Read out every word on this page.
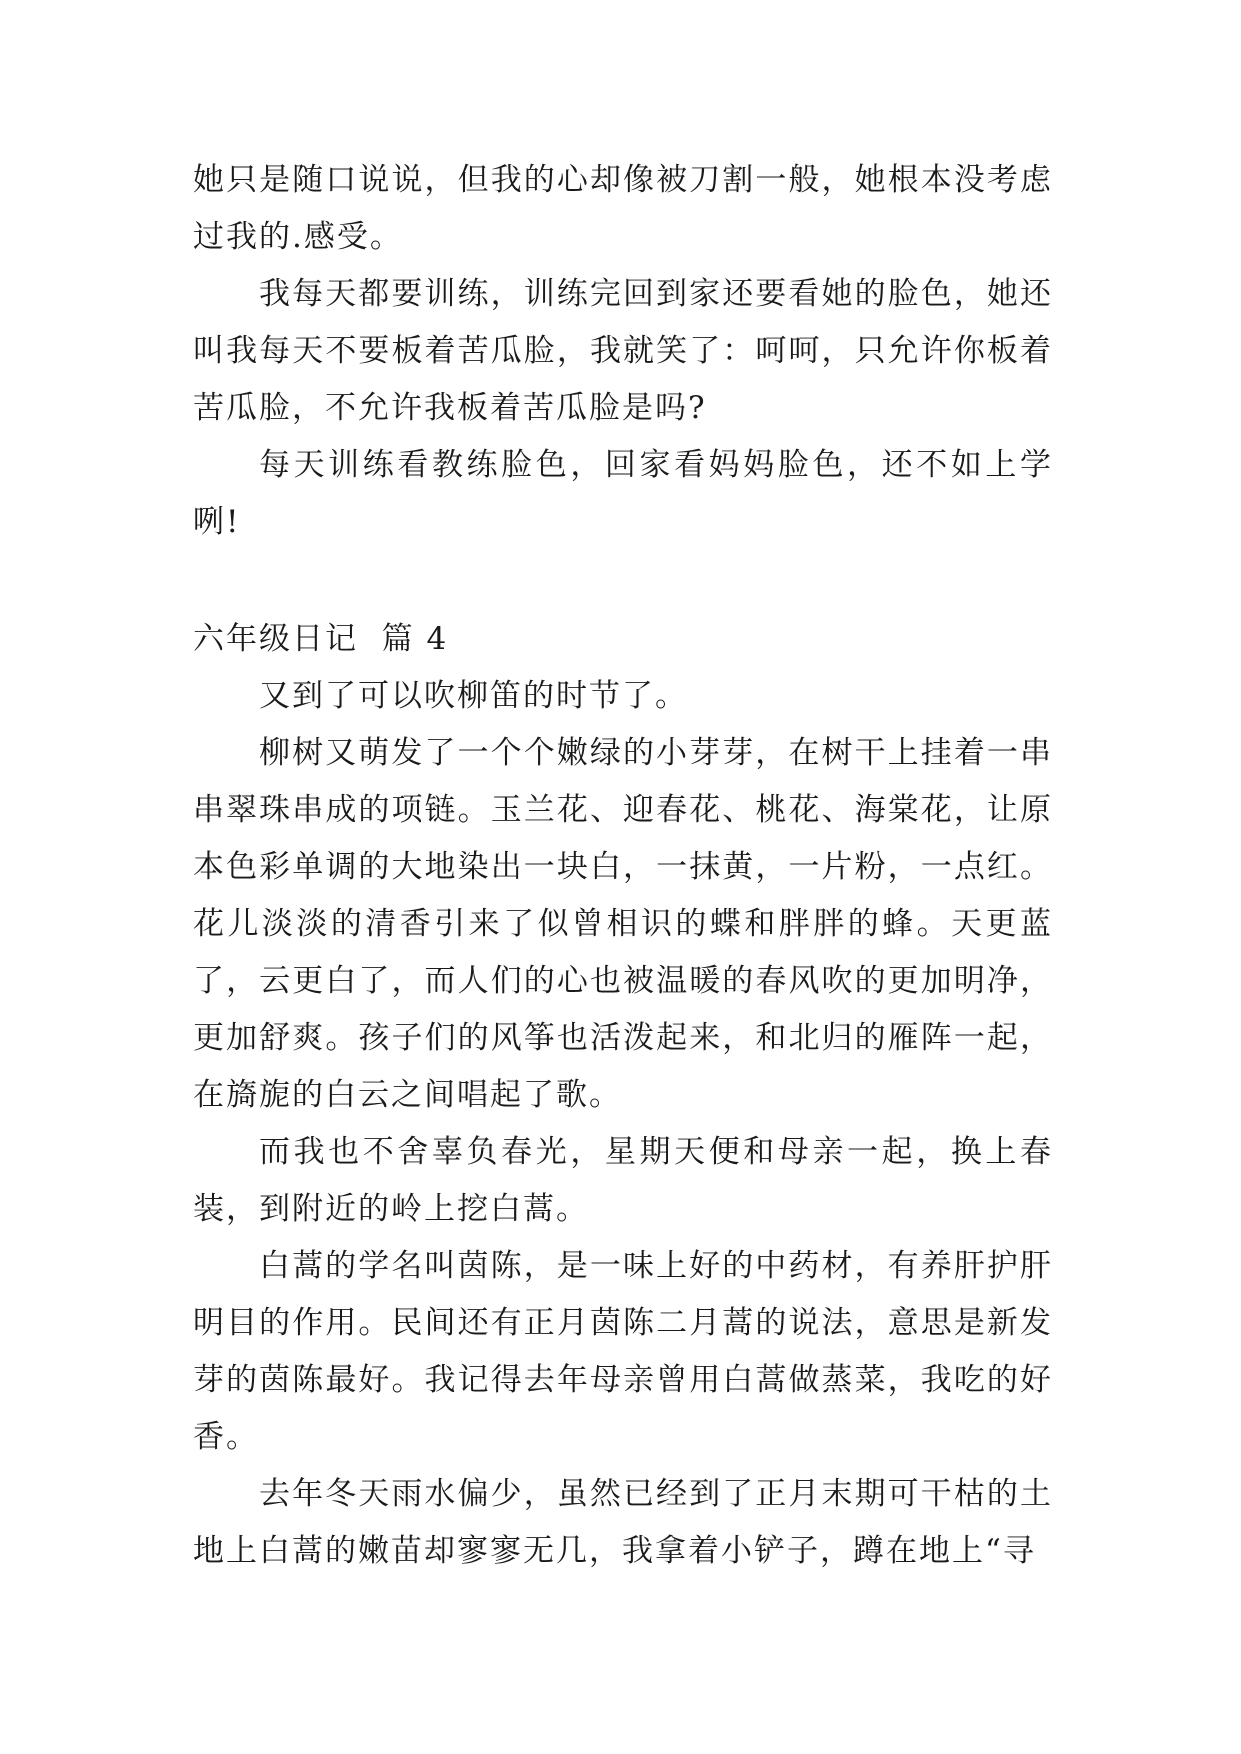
她只是随口说说，但我的心却像被刀割一般，她根本没考虑过我的.感受。

我每天都要训练，训练完回到家还要看她的脸色，她还叫我每天不要板着苦瓜脸，我就笑了：呵呵，只允许你板着苦瓜脸，不允许我板着苦瓜脸是吗?

每天训练看教练脸色，回家看妈妈脸色，还不如上学咧!

六年级日记  篇 4

又到了可以吹柳笛的时节了。

柳树又萌发了一个个嫩绿的小芽芽，在树干上挂着一串串翠珠串成的项链。玉兰花、迎春花、桃花、海棠花，让原本色彩单调的大地染出一块白，一抹黄，一片粉，一点红。花儿淡淡的清香引来了似曾相识的蝶和胖胖的蜂。天更蓝了，云更白了，而人们的心也被温暖的春风吹的更加明净，更加舒爽。孩子们的风筝也活泼起来，和北归的雁阵一起，在旖旎的白云之间唱起了歌。

而我也不舍辜负春光，星期天便和母亲一起，换上春装，到附近的岭上挖白蒿。

白蒿的学名叫茵陈，是一味上好的中药材，有养肝护肝明目的作用。民间还有正月茵陈二月蒿的说法，意思是新发芽的茵陈最好。我记得去年母亲曾用白蒿做蒸菜，我吃的好香。

去年冬天雨水偏少，虽然已经到了正月末期可干枯的土地上白蒿的嫩苗却寥寥无几，我拿着小铲子，蹲在地上“寻
